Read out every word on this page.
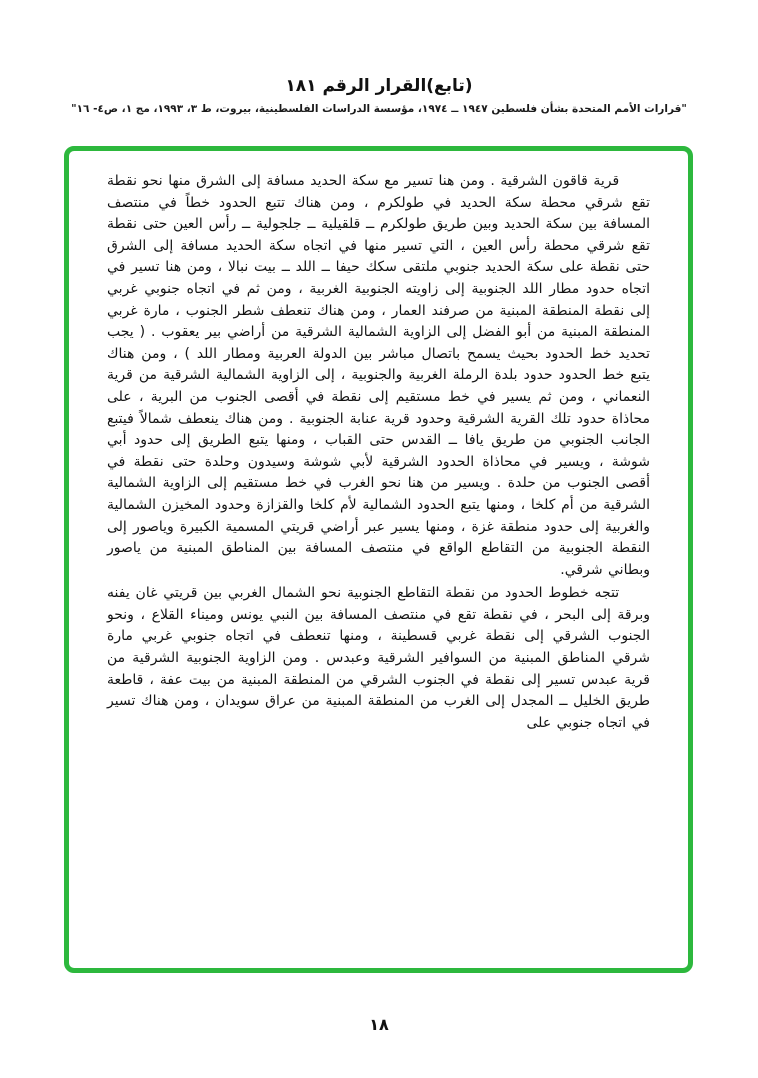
(تابع)القرار الرقم ١٨١
"قرارات الأمم المتحدة بشأن فلسطين ١٩٤٧ ــ ١٩٧٤، مؤسسة الدراسات الفلسطينية، بيروت، ط ٣، ١٩٩٣، مج ١، ص٤- ١٦"

قرية قاقون الشرقية . ومن هنا تسير مع سكة الحديد مسافة إلى الشرق منها نحو نقطة تقع شرقي محطة سكة الحديد في طولكرم ، ومن هناك تتبع الحدود خطاً في منتصف المسافة بين سكة الحديد وبين طريق طولكرم ــ قلقيلية ــ جلجولية ــ رأس العين حتى نقطة تقع شرقي محطة رأس العين ، التي تسير منها في اتجاه سكة الحديد مسافة إلى الشرق حتى نقطة على سكة الحديد جنوبي ملتقى سكك حيفا ــ اللد ــ بيت نبالا ، ومن هنا تسير في اتجاه حدود مطار اللد الجنوبية إلى زاويته الجنوبية الغربية ، ومن ثم في اتجاه جنوبي غربي إلى نقطة المنطقة المبنية من صرفند العمار ، ومن هناك تنعطف شطر الجنوب ، مارة غربي المنطقة المبنية من أبو الفضل إلى الزاوية الشمالية الشرقية من أراضي بير يعقوب . ( يجب تحديد خط الحدود بحيث يسمح باتصال مباشر بين الدولة العربية ومطار اللد ) ، ومن هناك يتبع خط الحدود حدود بلدة الرملة الغربية والجنوبية ، إلى الزاوية الشمالية الشرقية من قرية النعماني ، ومن ثم يسير في خط مستقيم إلى نقطة في أقصى الجنوب من البرية ، على محاذاة حدود تلك القرية الشرقية وحدود قرية عنابة الجنوبية . ومن هناك ينعطف شمالاً فيتبع الجانب الجنوبي من طريق يافا ــ القدس حتى القباب ، ومنها يتبع الطريق إلى حدود أبي شوشة ، ويسير في محاذاة الحدود الشرقية لأبي شوشة وسيدون وحلدة حتى نقطة في أقصى الجنوب من حلدة . ويسير من هنا نحو الغرب في خط مستقيم إلى الزاوية الشمالية الشرقية من أم كلخا ، ومنها يتبع الحدود الشمالية لأم كلخا والقزازة وحدود المخيزن الشمالية والغربية إلى حدود منطقة غزة ، ومنها يسير عبر أراضي قريتي المسمية الكبيرة وياصور إلى النقطة الجنوبية من التقاطع الواقع في منتصف المسافة بين المناطق المبنية من ياصور وبطاني شرقي.

تتجه خطوط الحدود من نقطة التقاطع الجنوبية نحو الشمال الغربي بين قريتي غان يفنه وبرقة إلى البحر ، في نقطة تقع في منتصف المسافة بين النبي يونس وميناء القلاع ، ونحو الجنوب الشرقي إلى نقطة غربي قسطينة ، ومنها تنعطف في اتجاه جنوبي غربي مارة شرقي المناطق المبنية من السوافير الشرقية وعبدس . ومن الزاوية الجنوبية الشرقية من قرية عبدس تسير إلى نقطة في الجنوب الشرقي من المنطقة المبنية من بيت عفة ، قاطعة طريق الخليل ــ المجدل إلى الغرب من المنطقة المبنية من عراق سويدان ، ومن هناك تسير في اتجاه جنوبي على

١٨
